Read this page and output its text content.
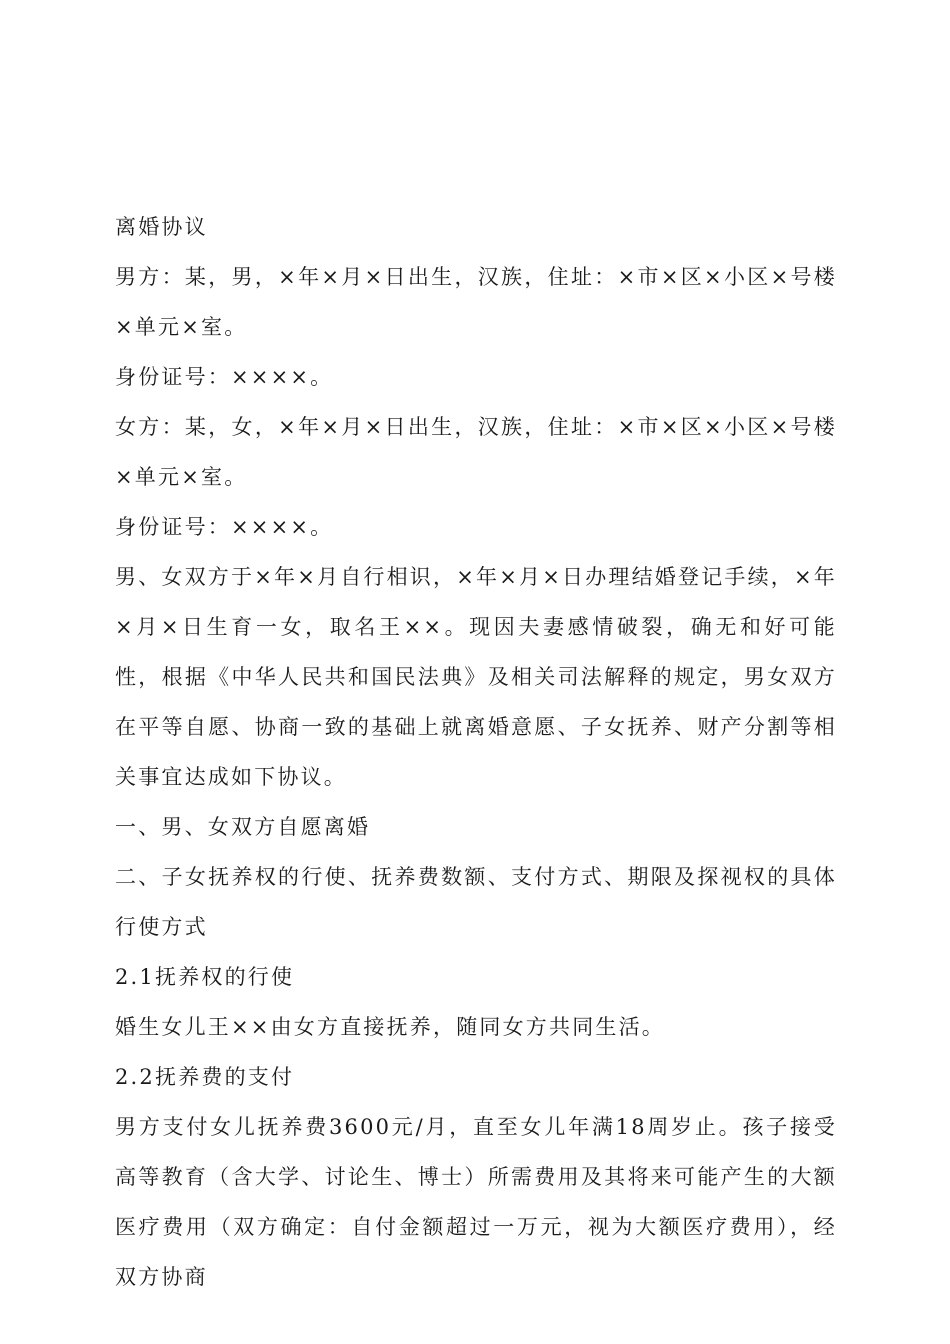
离婚协议

男方：某，男，×年×月×日出生，汉族，住址：×市×区×小区×号楼×单元×室。

身份证号：××××。

女方：某，女，×年×月×日出生，汉族，住址：×市×区×小区×号楼×单元×室。

身份证号：××××。

男、女双方于×年×月自行相识，×年×月×日办理结婚登记手续，×年×月×日生育一女，取名王××。现因夫妻感情破裂，确无和好可能性，根据《中华人民共和国民法典》及相关司法解释的规定，男女双方在平等自愿、协商一致的基础上就离婚意愿、子女抚养、财产分割等相关事宜达成如下协议。

一、男、女双方自愿离婚

二、子女抚养权的行使、抚养费数额、支付方式、期限及探视权的具体行使方式

2.1抚养权的行使

婚生女儿王××由女方直接抚养，随同女方共同生活。

2.2抚养费的支付

男方支付女儿抚养费3600元/月，直至女儿年满18周岁止。孩子接受高等教育（含大学、讨论生、博士）所需费用及其将来可能产生的大额医疗费用（双方确定：自付金额超过一万元，视为大额医疗费用），经双方协商
